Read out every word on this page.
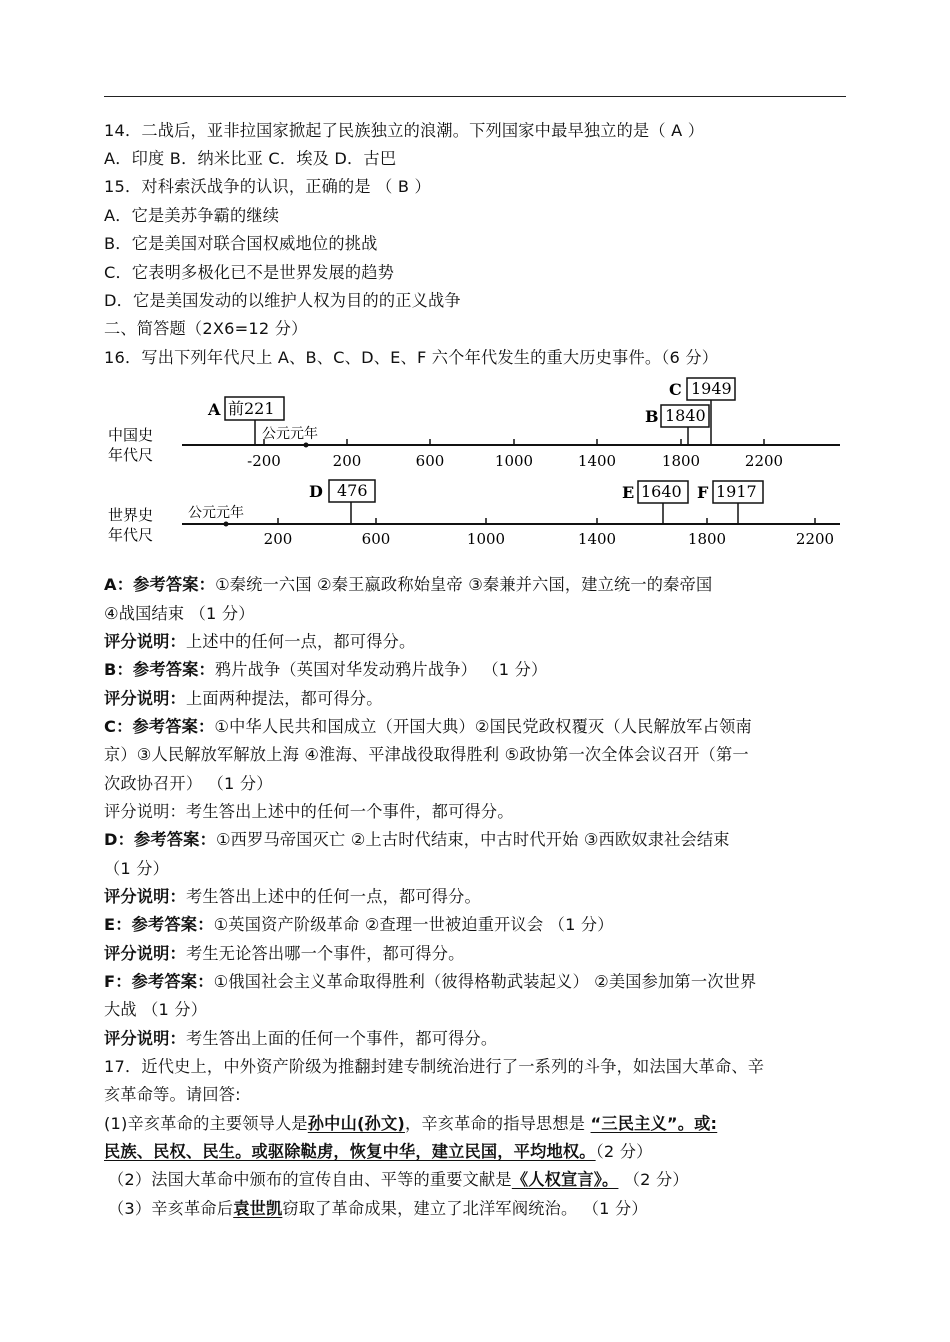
14．二战后，亚非拉国家掀起了民族独立的浪潮。下列国家中最早独立的是（ A ）
A．印度 B．纳米比亚 C．埃及 D．古巴
15．对科索沃战争的认识，正确的是 （ B ）
A．它是美苏争霸的继续
B．它是美国对联合国权威地位的挑战
C．它表明多极化已不是世界发展的趋势
D．它是美国发动的以维护人权为目的的正义战争
二、简答题（2X6=12 分）
16．写出下列年代尺上 A、B、C、D、E、F 六个年代发生的重大历史事件。（6 分）
中国史
年代尺	-200	200	600	1000	1400	1800	2200
公元元年
A 前221
C 1949
B 1840
世界史
年代尺	200	600	1000	1400	1800	2200
公元元年
D 476	E 1640 F 1917
A：参考答案：①秦统一六国 ②秦王嬴政称始皇帝 ③秦兼并六国，建立统一的秦帝国
④战国结束 （1 分）
评分说明：上述中的任何一点，都可得分。
B：参考答案：鸦片战争（英国对华发动鸦片战争） （1 分）
评分说明：上面两种提法，都可得分。
C：参考答案：①中华人民共和国成立（开国大典）②国民党政权覆灭（人民解放军占领南
京）③人民解放军解放上海 ④淮海、平津战役取得胜利 ⑤政协第一次全体会议召开（第一
次政协召开） （1 分）
评分说明：考生答出上述中的任何一个事件，都可得分。
D：参考答案：①西罗马帝国灭亡 ②上古时代结束，中古时代开始 ③西欧奴隶社会结束
（1 分）
评分说明：考生答出上述中的任何一点，都可得分。
E：参考答案：①英国资产阶级革命 ②查理一世被迫重开议会 （1 分）
评分说明：考生无论答出哪一个事件，都可得分。
F：参考答案：①俄国社会主义革命取得胜利（彼得格勒武装起义） ②美国参加第一次世界
大战 （1 分）
评分说明：考生答出上面的任何一个事件，都可得分。
17．近代史上，中外资产阶级为推翻封建专制统治进行了一系列的斗争，如法国大革命、辛
亥革命等。请回答:
(1)辛亥革命的主要领导人是孙中山(孙文)，辛亥革命的指导思想是 “三民主义”。或:
民族、民权、民生。或驱除鞑虏，恢复中华，建立民国，平均地权。（2 分）
（2）法国大革命中颁布的宣传自由、平等的重要文献是《人权宣言》。 （2 分）
（3）辛亥革命后袁世凯窃取了革命成果，建立了北洋军阀统治。 （1 分）
